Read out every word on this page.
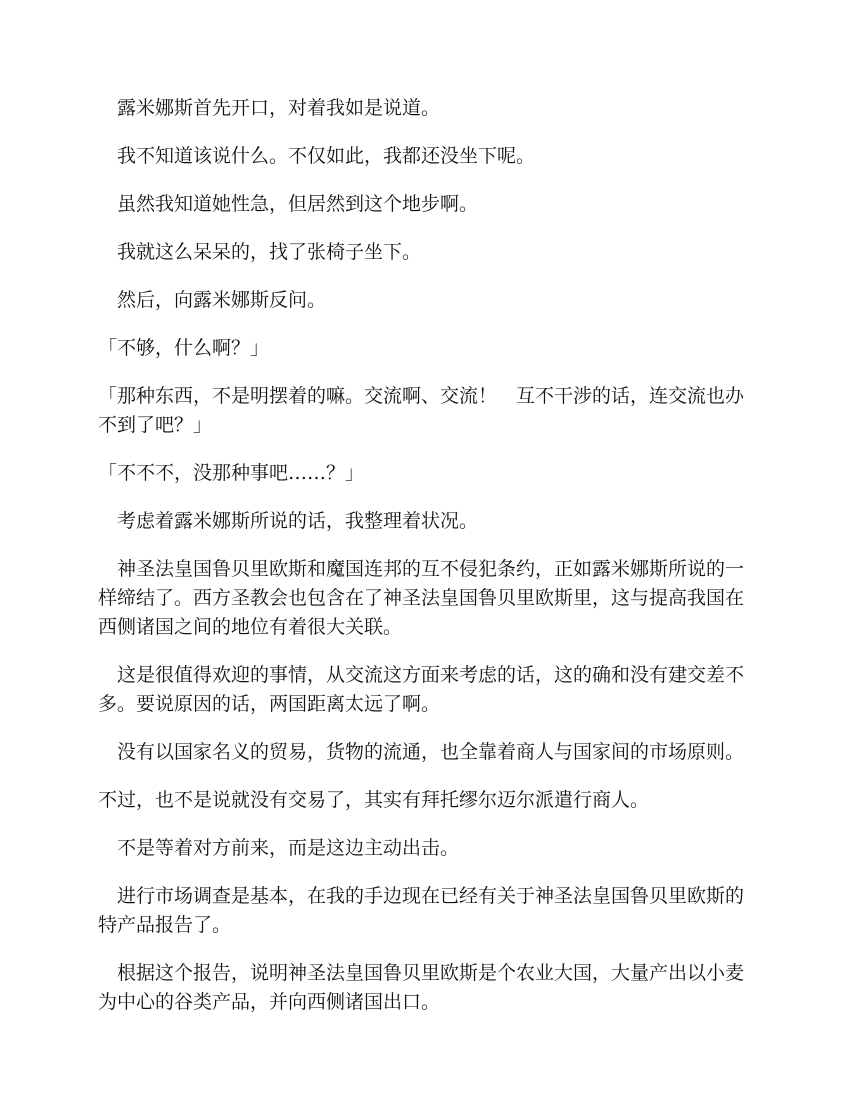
　露米娜斯首先开口，对着我如是说道。

　我不知道该说什么。不仅如此，我都还没坐下呢。

　虽然我知道她性急，但居然到这个地步啊。

　我就这么呆呆的，找了张椅子坐下。

　然后，向露米娜斯反问。

「不够，什么啊？」

「那种东西，不是明摆着的嘛。交流啊、交流！　互不干涉的话，连交流也办不到了吧？」

「不不不，没那种事吧……？」

　考虑着露米娜斯所说的话，我整理着状况。

　神圣法皇国鲁贝里欧斯和魔国连邦的互不侵犯条约，正如露米娜斯所说的一样缔结了。西方圣教会也包含在了神圣法皇国鲁贝里欧斯里，这与提高我国在西侧诸国之间的地位有着很大关联。

　这是很值得欢迎的事情，从交流这方面来考虑的话，这的确和没有建交差不多。要说原因的话，两国距离太远了啊。

　没有以国家名义的贸易，货物的流通，也全靠着商人与国家间的市场原则。

不过，也不是说就没有交易了，其实有拜托缪尔迈尔派遣行商人。

　不是等着对方前来，而是这边主动出击。

　进行市场调查是基本，在我的手边现在已经有关于神圣法皇国鲁贝里欧斯的特产品报告了。

　根据这个报告，说明神圣法皇国鲁贝里欧斯是个农业大国，大量产出以小麦为中心的谷类产品，并向西侧诸国出口。
